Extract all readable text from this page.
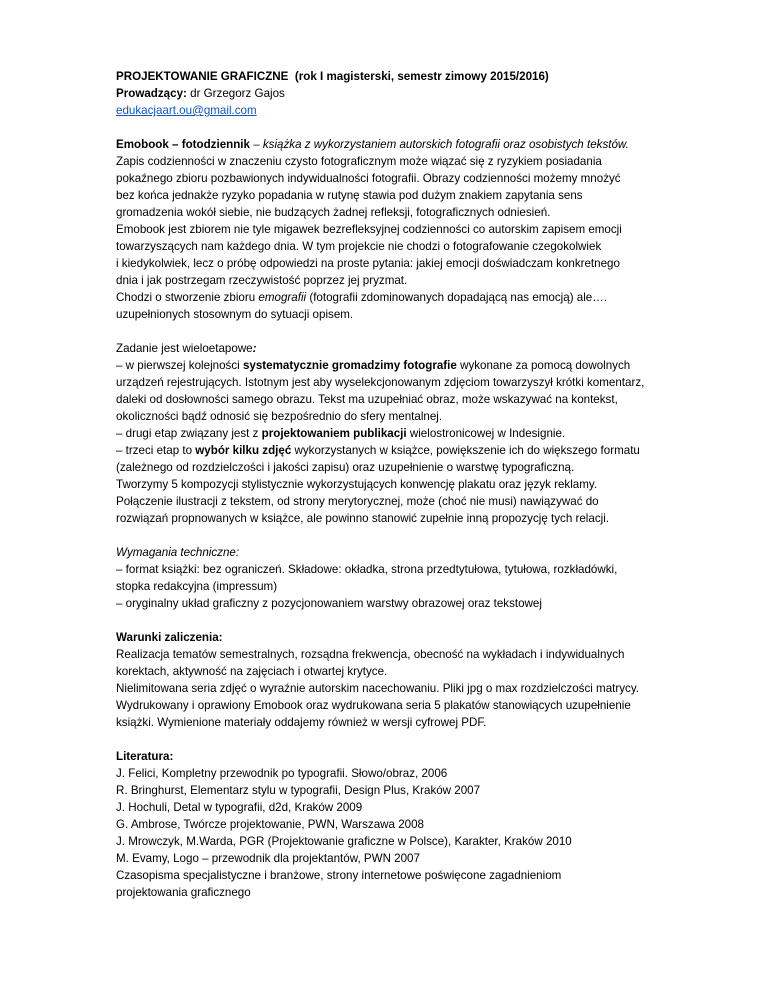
PROJEKTOWANIE GRAFICZNE (rok I magisterski, semestr zimowy 2015/2016)
Prowadzący: dr Grzegorz Gajos
edukacjaart.ou@gmail.com
Emobook – fotodziennik – książka z wykorzystaniem autorskich fotografii oraz osobistych tekstów.
Zapis codzienności w znaczeniu czysto fotograficznym może wiązać się z ryzykiem posiadania
pokaźnego zbioru pozbawionych indywidualności fotografii. Obrazy codzienności możemy mnożyć
bez końca jednakże ryzyko popadania w rutynę stawia pod dużym znakiem zapytania sens
gromadzenia wokół siebie, nie budzących żadnej refleksji, fotograficznych odniesień.
Emobook jest zbiorem nie tyle migawek bezrefleksyjnej codzienności co autorskim zapisem emocji
towarzyszących nam każdego dnia. W tym projekcie nie chodzi o fotografowanie czegokolwiek
i kiedykolwiek, lecz o próbę odpowiedzi na proste pytania: jakiej emocji doświadczam konkretnego
dnia i jak postrzegam rzeczywistość poprzez jej pryzmat.
Chodzi o stworzenie zbioru emografii (fotografii zdominowanych dopadającą nas emocją) ale….
uzupełnionych stosownym do sytuacji opisem.
Zadanie jest wieloetapowe:
– w pierwszej kolejności systematycznie gromadzimy fotografie wykonane za pomocą dowolnych
urządzeń rejestrujących. Istotnym jest aby wyselekcjonowanym zdjęciom towarzyszył krótki komentarz,
daleki od dosłowności samego obrazu. Tekst ma uzupełniać obraz, może wskazywać na kontekst,
okoliczności bądź odnosić się bezpośrednio do sfery mentalnej.
– drugi etap związany jest z projektowaniem publikacji wielostronicowej w Indesignie.
– trzeci etap to wybór kilku zdjęć wykorzystanych w książce, powiększenie ich do większego formatu
(zależnego od rozdzielczości i jakości zapisu) oraz uzupełnienie o warstwę typograficzną.
Tworzymy 5 kompozycji stylistycznie wykorzystujących konwencję plakatu oraz język reklamy.
Połączenie ilustracji z tekstem, od strony merytorycznej, może (choć nie musi) nawiązywać do
rozwiązań propnowanych w książce, ale powinno stanowić zupełnie inną propozycję tych relacji.
Wymagania techniczne:
– format książki: bez ograniczeń. Składowe: okładka, strona przedtytułowa, tytułowa, rozkładówki,
stopka redakcyjna (impressum)
– oryginalny układ graficzny z pozycjonowaniem warstwy obrazowej oraz tekstowej
Warunki zaliczenia:
Realizacja tematów semestralnych, rozsądna frekwencja, obecność na wykładach i indywidualnych
korektach, aktywność na zajęciach i otwartej krytyce.
Nielimitowana seria zdjęć o wyraźnie autorskim nacechowaniu. Pliki jpg o max rozdzielczości matrycy.
Wydrukowany i oprawiony Emobook oraz wydrukowana seria 5 plakatów stanowiących uzupełnienie
książki. Wymienione materiały oddajemy również w wersji cyfrowej PDF.
Literatura:
J. Felici, Kompletny przewodnik po typografii. Słowo/obraz, 2006
R. Bringhurst, Elementarz stylu w typografii, Design Plus, Kraków 2007
J. Hochuli, Detal w typografii, d2d, Kraków 2009
G. Ambrose, Twórcze projektowanie, PWN, Warszawa 2008
J. Mrowczyk, M.Warda, PGR (Projektowanie graficzne w Polsce), Karakter, Kraków 2010
M. Evamy, Logo – przewodnik dla projektantów, PWN 2007
Czasopisma specjalistyczne i branżowe, strony internetowe poświęcone zagadnieniom
projektowania graficznego
